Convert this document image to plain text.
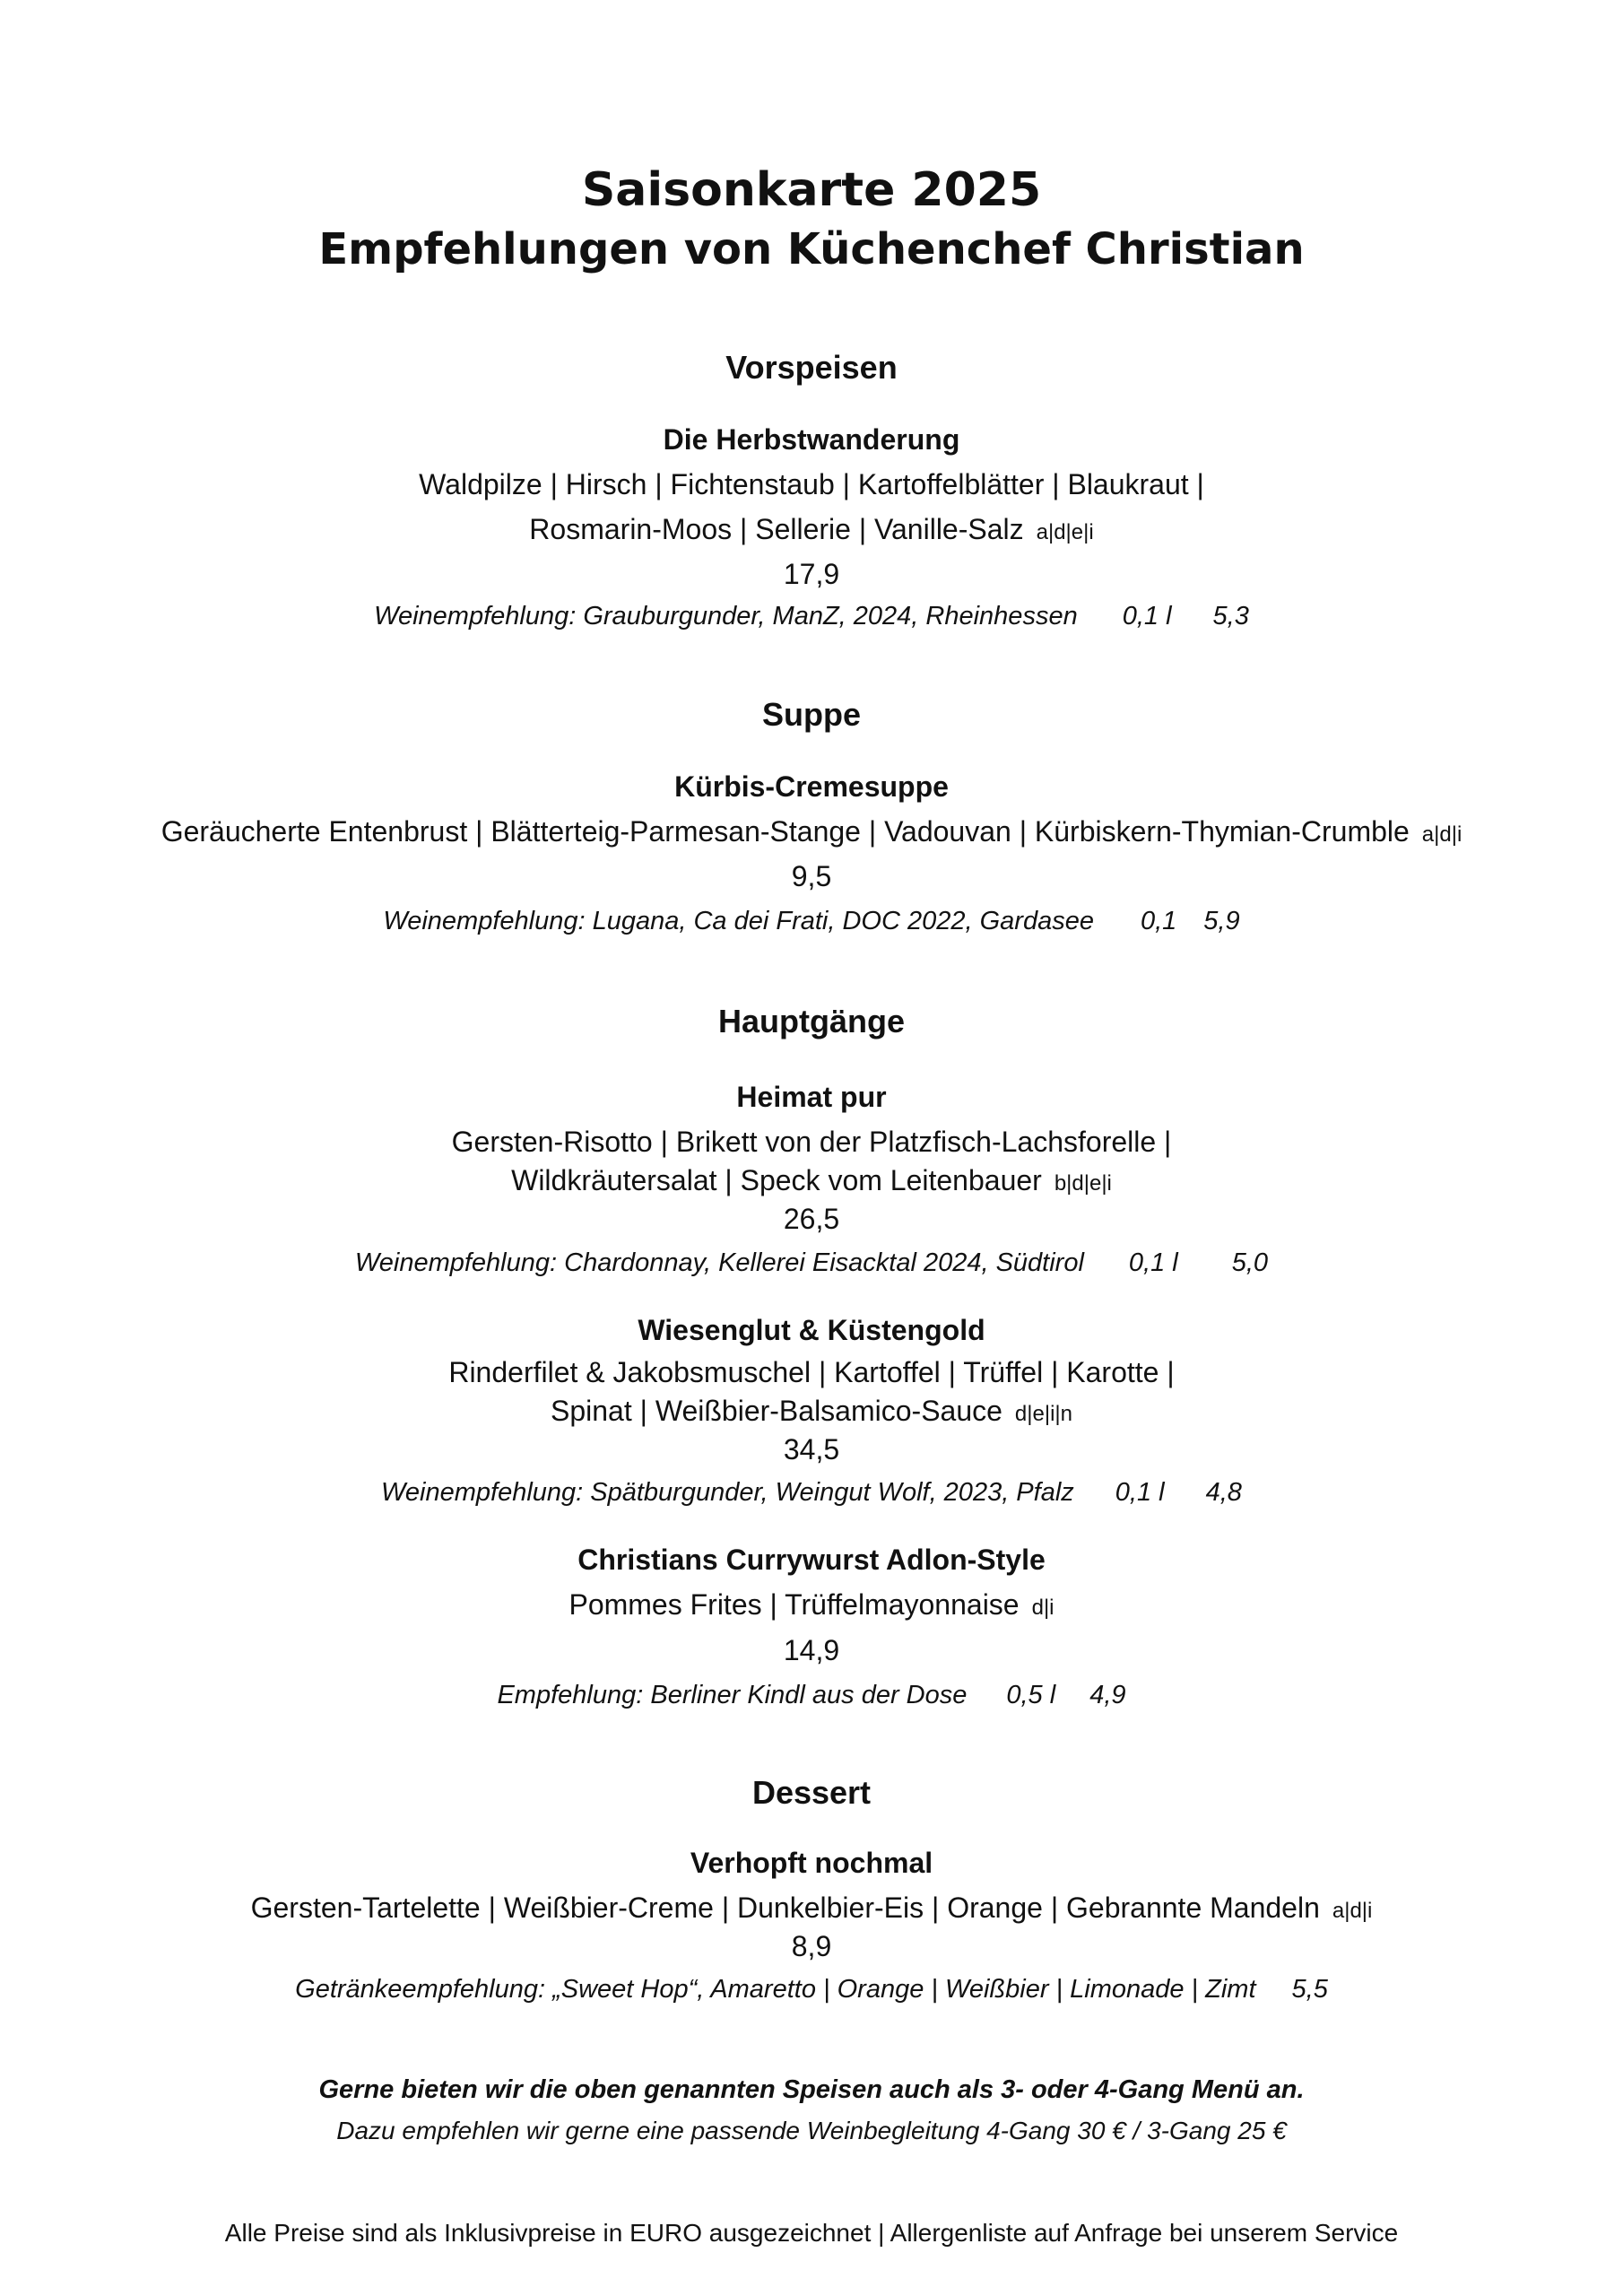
Saisonkarte 2025
Empfehlungen von Küchenchef Christian
Vorspeisen
Die Herbstwanderung
Waldpilze | Hirsch | Fichtenstaub | Kartoffelblätter | Blaukraut |
Rosmarin-Moos | Sellerie | Vanille-Salz a|d|e|i
17,9
Weinempfehlung: Grauburgunder, ManZ, 2024, Rheinhessen 0,1 l 5,3
Suppe
Kürbis-Cremesuppe
Geräucherte Entenbrust | Blätterteig-Parmesan-Stange | Vadouvan | Kürbiskern-Thymian-Crumble a|d|i
9,5
Weinempfehlung: Lugana, Ca dei Frati, DOC 2022, Gardasee 0,1 5,9
Hauptgänge
Heimat pur
Gersten-Risotto | Brikett von der Platzfisch-Lachsforelle |
Wildkräutersalat | Speck vom Leitenbauer b|d|e|i
26,5
Weinempfehlung: Chardonnay, Kellerei Eisacktal 2024, Südtirol 0,1 l 5,0
Wiesenglut & Küstengold
Rinderfilet & Jakobsmuschel | Kartoffel | Trüffel | Karotte |
Spinat | Weißbier-Balsamico-Sauce d|e|i|n
34,5
Weinempfehlung: Spätburgunder, Weingut Wolf, 2023, Pfalz 0,1 l 4,8
Christians Currywurst Adlon-Style
Pommes Frites | Trüffelmayonnaise d|i
14,9
Empfehlung: Berliner Kindl aus der Dose 0,5 l 4,9
Dessert
Verhopft nochmal
Gersten-Tartelette | Weißbier-Creme | Dunkelbier-Eis | Orange | Gebrannte Mandeln a|d|i
8,9
Getränkeempfehlung: „Sweet Hop“, Amaretto | Orange | Weißbier | Limonade | Zimt 5,5
Gerne bieten wir die oben genannten Speisen auch als 3- oder 4-Gang Menü an.
Dazu empfehlen wir gerne eine passende Weinbegleitung 4-Gang 30 € / 3-Gang 25 €
Alle Preise sind als Inklusivpreise in EURO ausgezeichnet | Allergenliste auf Anfrage bei unserem Service
